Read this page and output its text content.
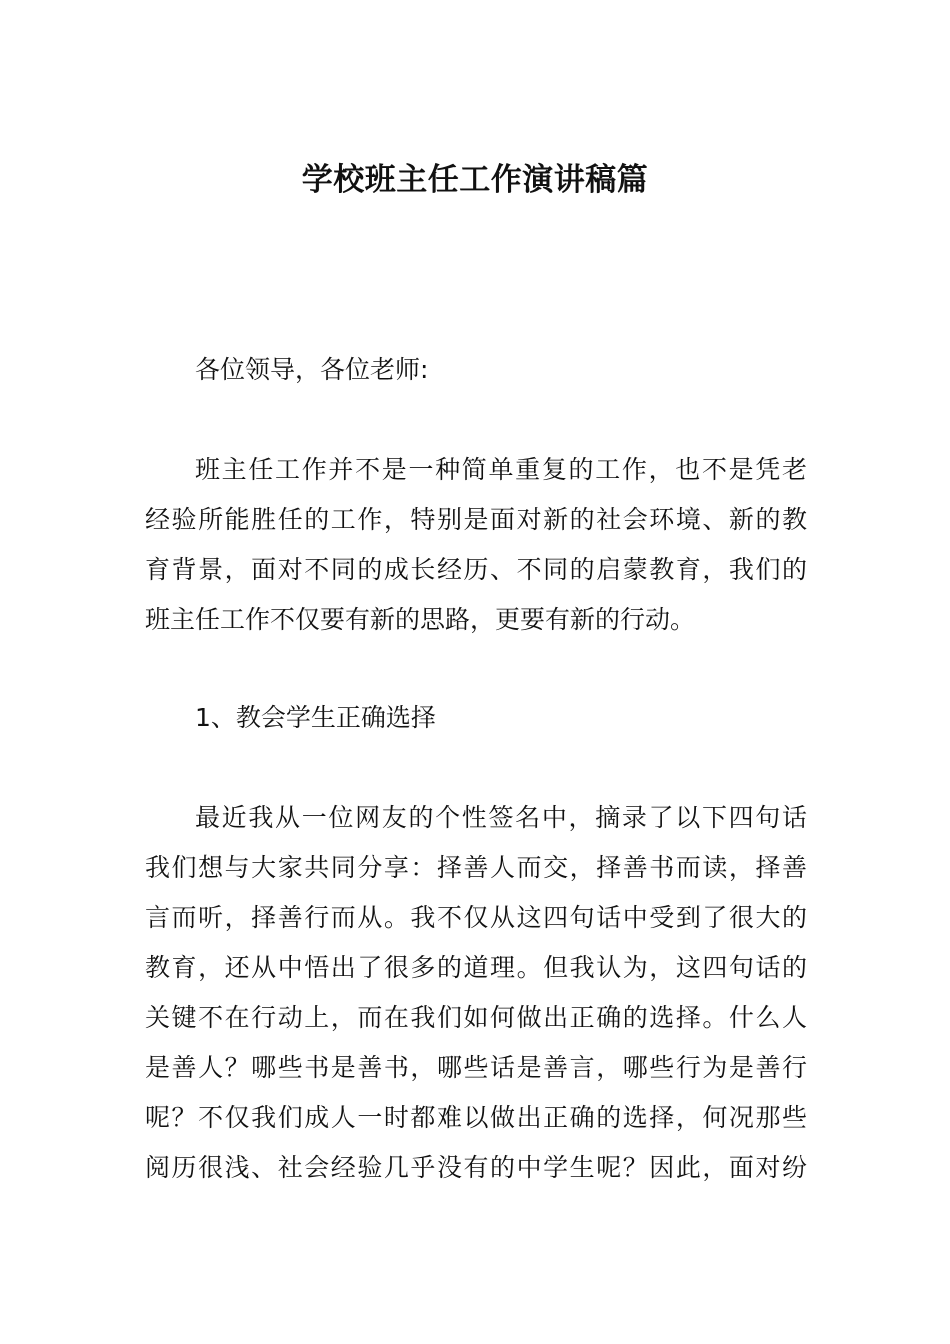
学校班主任工作演讲稿篇

各位领导，各位老师:

班主任工作并不是一种简单重复的工作，也不是凭老
经验所能胜任的工作，特别是面对新的社会环境、新的教
育背景，面对不同的成长经历、不同的启蒙教育，我们的
班主任工作不仅要有新的思路，更要有新的行动。

1、教会学生正确选择

最近我从一位网友的个性签名中，摘录了以下四句话
我们想与大家共同分享：择善人而交，择善书而读，择善
言而听，择善行而从。我不仅从这四句话中受到了很大的
教育，还从中悟出了很多的道理。但我认为，这四句话的
关键不在行动上，而在我们如何做出正确的选择。什么人
是善人？哪些书是善书，哪些话是善言，哪些行为是善行
呢？不仅我们成人一时都难以做出正确的选择，何况那些
阅历很浅、社会经验几乎没有的中学生呢？因此，面对纷
